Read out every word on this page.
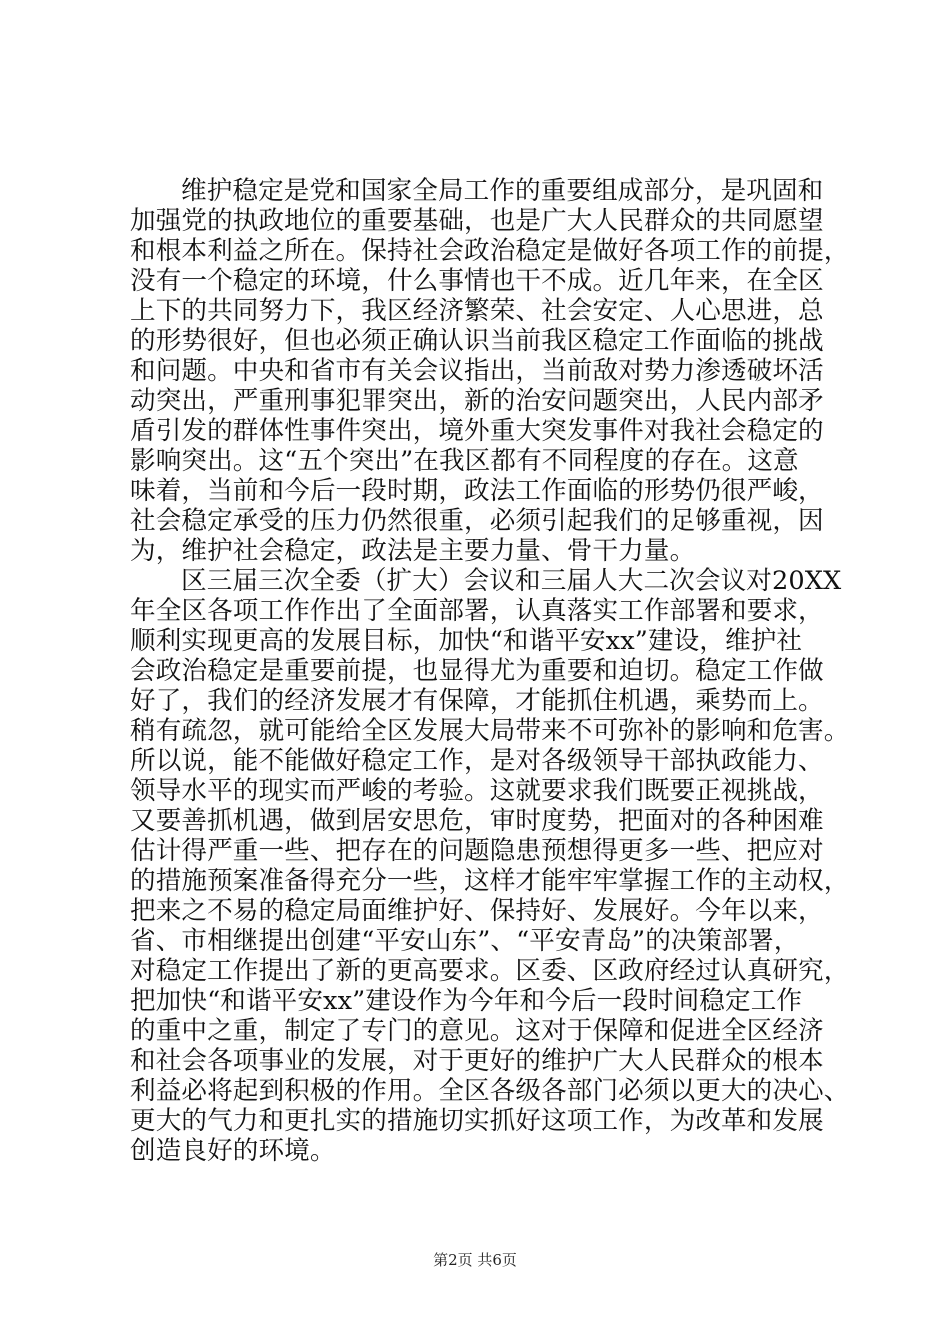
维护稳定是党和国家全局工作的重要组成部分，是巩固和
加强党的执政地位的重要基础，也是广大人民群众的共同愿望
和根本利益之所在。保持社会政治稳定是做好各项工作的前提，
没有一个稳定的环境，什么事情也干不成。近几年来，在全区
上下的共同努力下，我区经济繁荣、社会安定、人心思进，总
的形势很好，但也必须正确认识当前我区稳定工作面临的挑战
和问题。中央和省市有关会议指出，当前敌对势力渗透破坏活
动突出，严重刑事犯罪突出，新的治安问题突出，人民内部矛
盾引发的群体性事件突出，境外重大突发事件对我社会稳定的
影响突出。这“五个突出”在我区都有不同程度的存在。这意
味着，当前和今后一段时期，政法工作面临的形势仍很严峻，
社会稳定承受的压力仍然很重，必须引起我们的足够重视，因
为，维护社会稳定，政法是主要力量、骨干力量。
区三届三次全委（扩大）会议和三届人大二次会议对20XX
年全区各项工作作出了全面部署，认真落实工作部署和要求，
顺利实现更高的发展目标，加快“和谐平安xx”建设，维护社
会政治稳定是重要前提，也显得尤为重要和迫切。稳定工作做
好了，我们的经济发展才有保障，才能抓住机遇，乘势而上。
稍有疏忽，就可能给全区发展大局带来不可弥补的影响和危害。
所以说，能不能做好稳定工作，是对各级领导干部执政能力、
领导水平的现实而严峻的考验。这就要求我们既要正视挑战，
又要善抓机遇，做到居安思危，审时度势，把面对的各种困难
估计得严重一些、把存在的问题隐患预想得更多一些、把应对
的措施预案准备得充分一些，这样才能牢牢掌握工作的主动权，
把来之不易的稳定局面维护好、保持好、发展好。今年以来，
省、市相继提出创建“平安山东”、“平安青岛”的决策部署，
对稳定工作提出了新的更高要求。区委、区政府经过认真研究，
把加快“和谐平安xx”建设作为今年和今后一段时间稳定工作
的重中之重，制定了专门的意见。这对于保障和促进全区经济
和社会各项事业的发展，对于更好的维护广大人民群众的根本
利益必将起到积极的作用。全区各级各部门必须以更大的决心、
更大的气力和更扎实的措施切实抓好这项工作，为改革和发展
创造良好的环境。
第2页 共6页
